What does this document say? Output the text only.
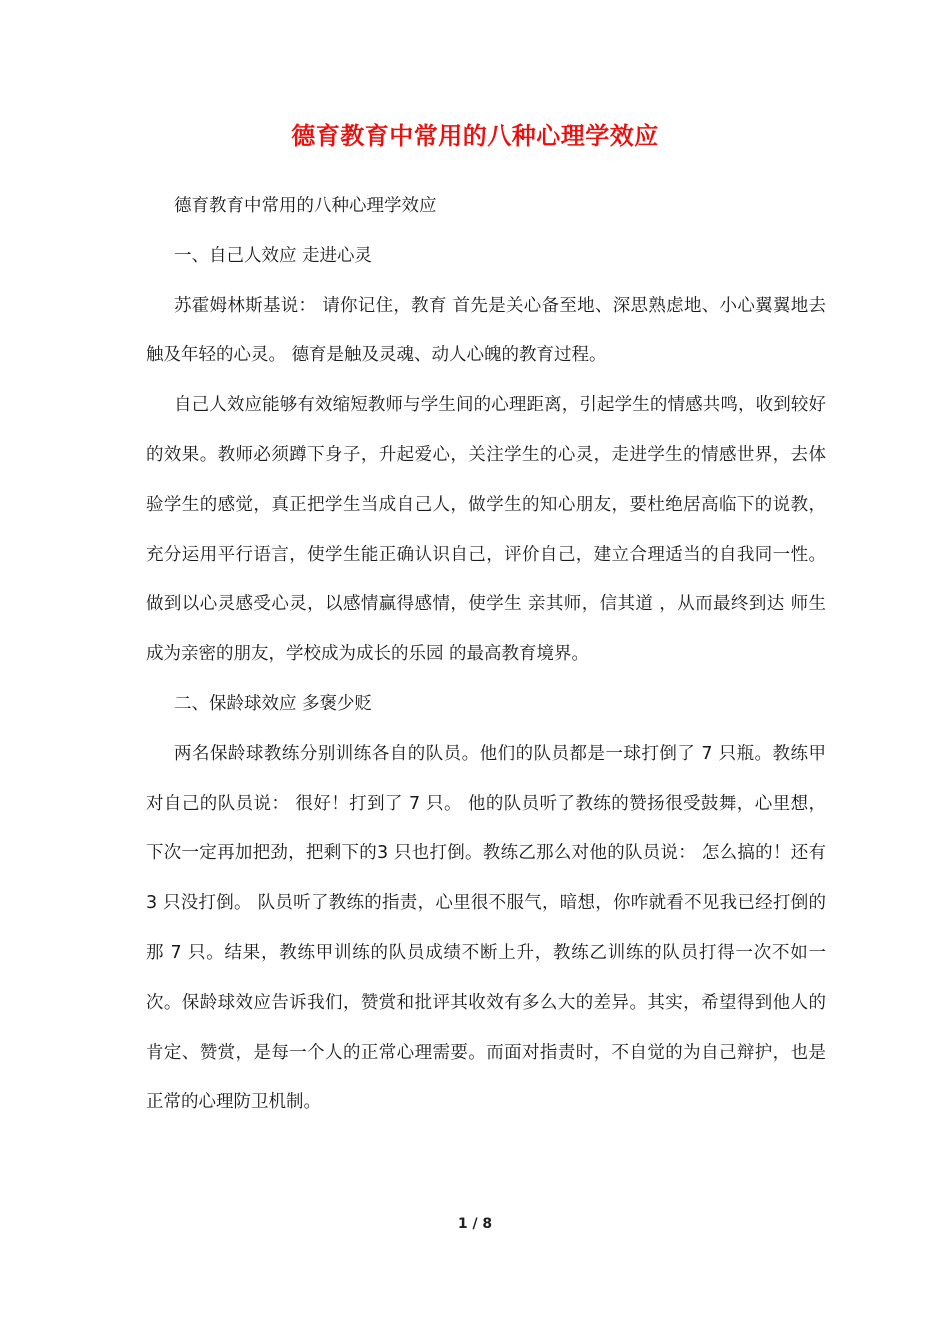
德育教育中常用的八种心理学效应

德育教育中常用的八种心理学效应

一、自己人效应 走进心灵

苏霍姆林斯基说： 请你记住，教育 首先是关心备至地、深思熟虑地、小心翼翼地去触及年轻的心灵。 德育是触及灵魂、动人心魄的教育过程。

自己人效应能够有效缩短教师与学生间的心理距离，引起学生的情感共鸣，收到较好的效果。教师必须蹲下身子，升起爱心，关注学生的心灵，走进学生的情感世界，去体验学生的感觉，真正把学生当成自己人，做学生的知心朋友，要杜绝居高临下的说教，充分运用平行语言，使学生能正确认识自己，评价自己，建立合理适当的自我同一性。做到以心灵感受心灵，以感情赢得感情，使学生 亲其师，信其道 ，从而最终到达 师生成为亲密的朋友，学校成为成长的乐园 的最高教育境界。

二、保龄球效应 多褒少贬

两名保龄球教练分别训练各自的队员。他们的队员都是一球打倒了 7 只瓶。教练甲对自己的队员说： 很好！打到了 7 只。 他的队员听了教练的赞扬很受鼓舞，心里想，下次一定再加把劲，把剩下的3 只也打倒。教练乙那么对他的队员说： 怎么搞的！还有 3 只没打倒。 队员听了教练的指责，心里很不服气，暗想，你咋就看不见我已经打倒的那 7 只。结果，教练甲训练的队员成绩不断上升，教练乙训练的队员打得一次不如一次。保龄球效应告诉我们，赞赏和批评其收效有多么大的差异。其实，希望得到他人的肯定、赞赏，是每一个人的正常心理需要。而面对指责时，不自觉的为自己辩护，也是正常的心理防卫机制。

1 / 8
